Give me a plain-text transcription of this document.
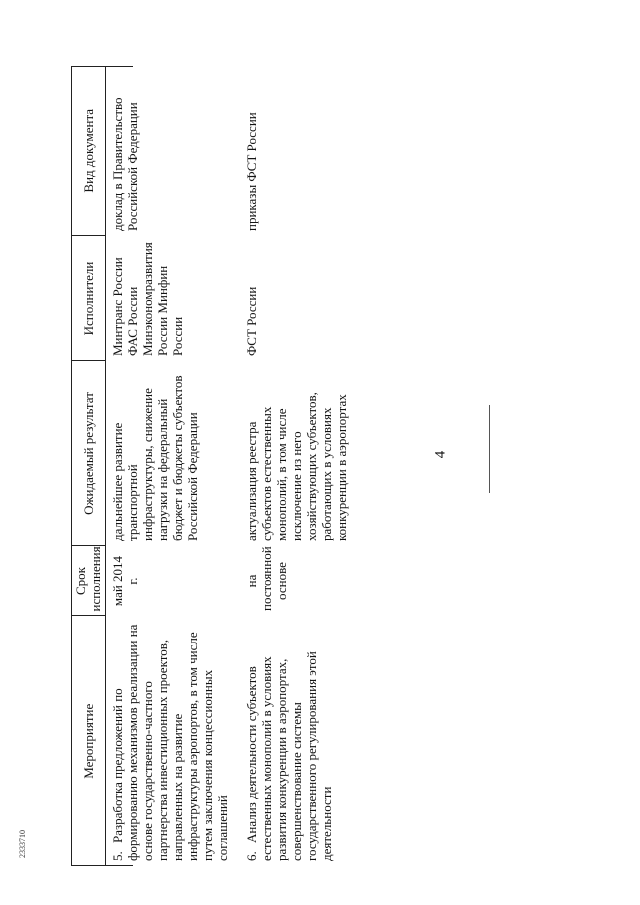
4
Мероприятие	Срок исполнения	Ожидаемый результат	Исполнители	Вид документа
5.Разработка предложений по формированию механизмов реализации на основе государственно-частного партнерства инвестиционных проектов, направленных на развитие инфраструктуры аэропортов, в том числе путем заключения концессионных соглашений	май 2014 г.	дальнейшее развитие транспортной инфраструктуры, снижение нагрузки на федеральный бюджет и бюджеты субъектов Российской Федерации	Минтранс России ФАС России Минэкономразвития России Минфин России	доклад в Правительство Российской Федерации
6.Анализ деятельности субъектов естественных монополий в условиях развития конкуренции в аэропортах, совершенствование системы государственного регулирования этой деятельности	на постоянной основе	актуализация реестра субъектов естественных монополий, в том числе исключение из него хозяйствующих субъектов, работающих в условиях конкуренции в аэропортах	ФСТ России	приказы ФСТ России
2333710
